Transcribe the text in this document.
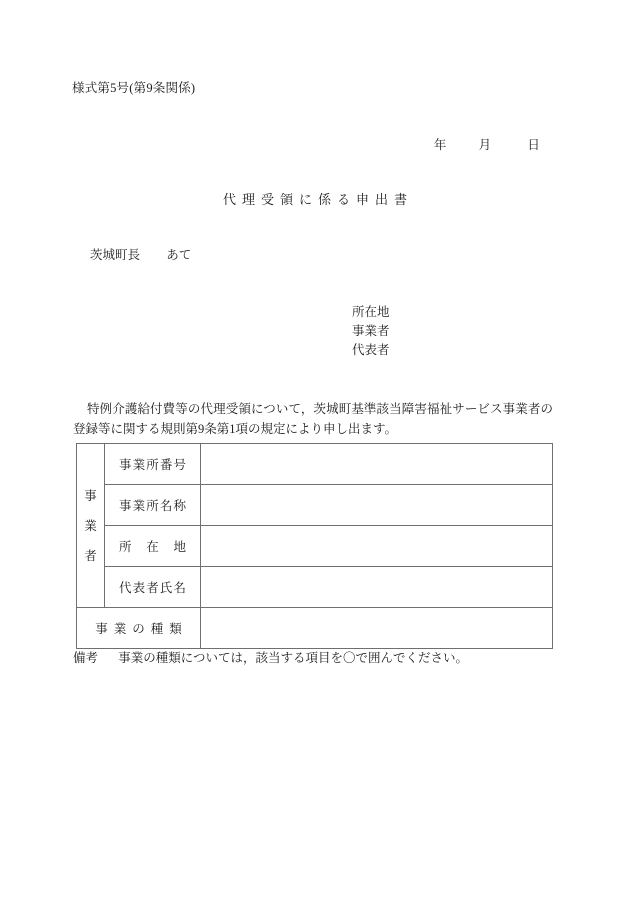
様式第5号(第9条関係)
年	月	日
代理受領に係る申出書
茨城町長 あて
所在地
事業者
代表者
特例介護給付費等の代理受領について，茨城町基準該当障害福祉サービス事業者の登録等に関する規則第9条第1項の規定により申し出ます。
事
業
者	事 業 所 番 号	

	事 業 所 名 称	

	所 在 地	

	代 表 者 氏 名	

事業の種類		
備考 事業の種類については，該当する項目を〇で囲んでください。
